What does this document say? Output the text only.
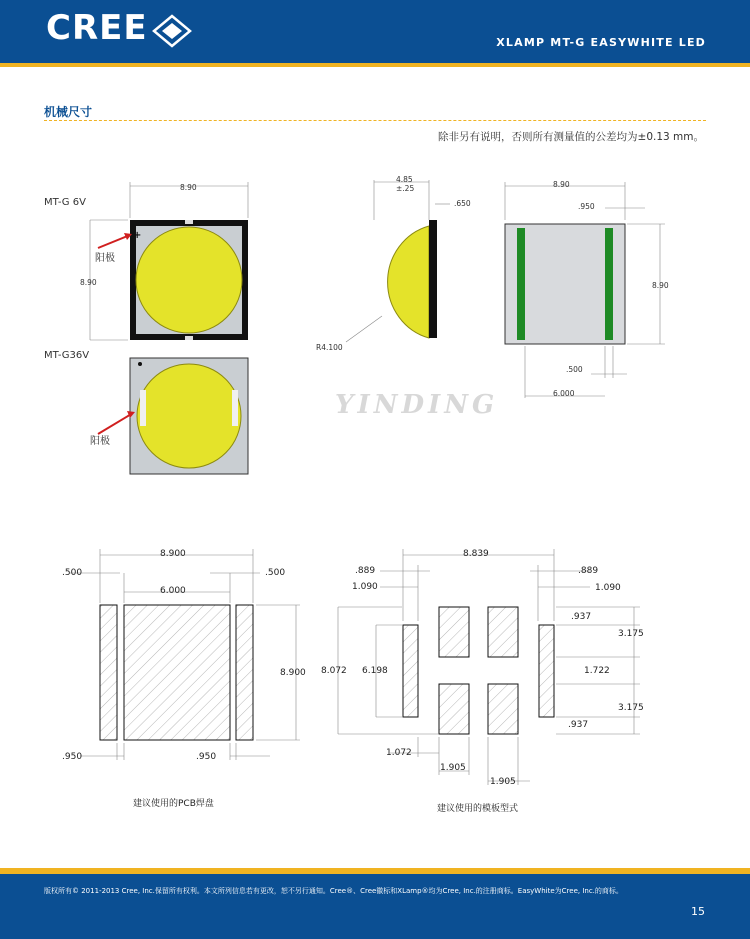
CREE	XLAMP MT-G EASYWHITE LED
机械尺寸
除非另有说明，否则所有测量值的公差均为±0.13 mm。
MT-G 6V
MT-G36V
+
8.90
8.90
阳极
阳极
4.85
±.25
.650
R4.100
8.90
.950
8.90
.500
6.000
YINDING
8.900
.500
6.000
.500
8.900
.950	.950
建议使用的PCB焊盘
8.839
.889	.889
1.090	1.090
.937
3.175
1.722
3.175
.937
8.072 6.198
1.072
1.905
1.905
建议使用的模板型式
版权所有© 2011-2013 Cree, Inc.保留所有权利。本文所列信息若有更改，恕不另行通知。Cree®、Cree徽标和XLamp®均为Cree, Inc.的注册商标。EasyWhite为Cree, Inc.的商标。
15
